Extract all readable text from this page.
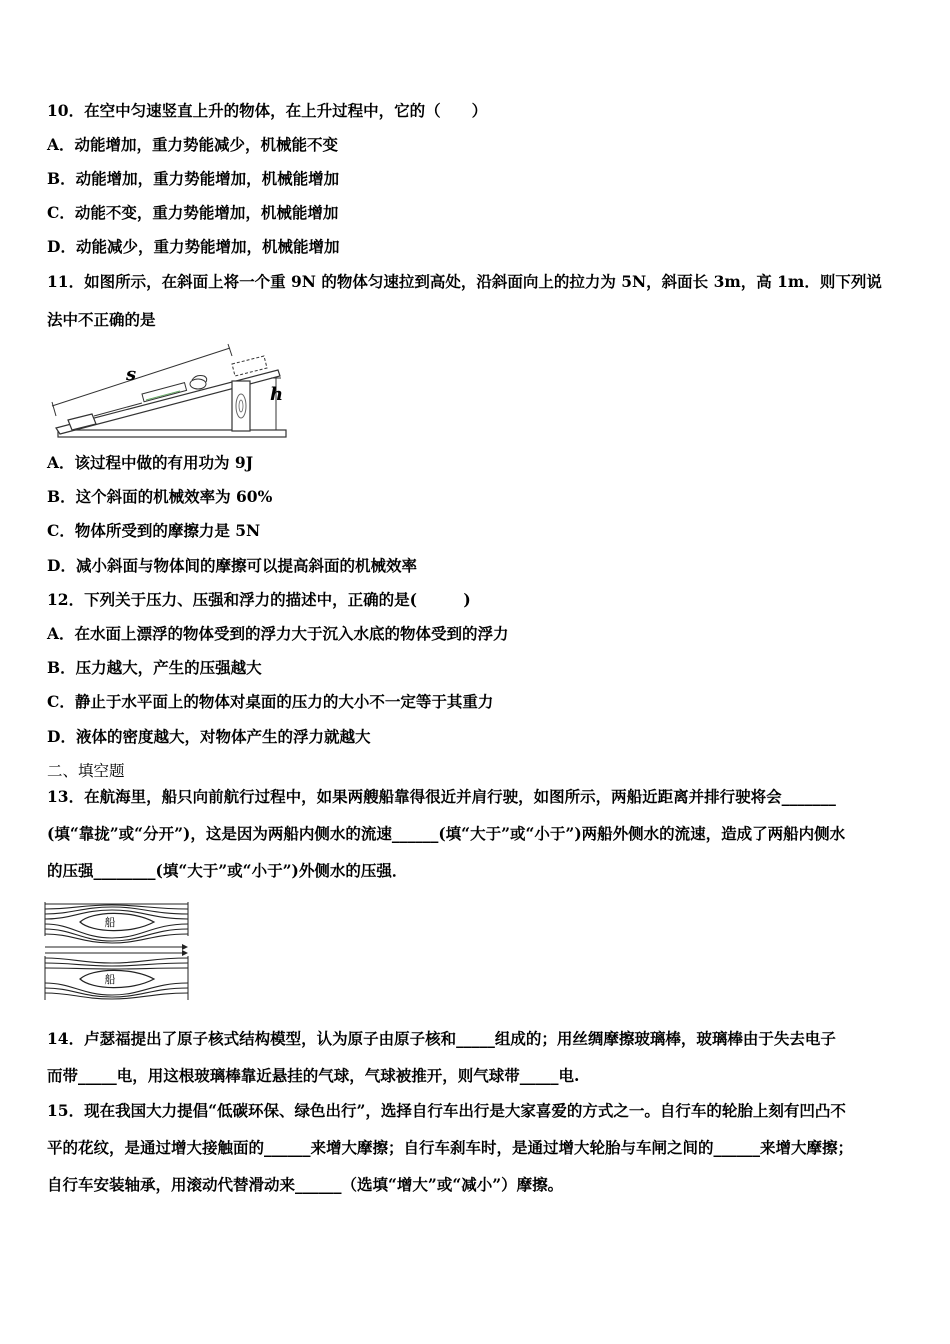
10．在空中匀速竖直上升的物体，在上升过程中，它的（　　）
A．动能增加，重力势能减少，机械能不变
B．动能增加，重力势能增加，机械能增加
C．动能不变，重力势能增加，机械能增加
D．动能减少，重力势能增加，机械能增加
11．如图所示，在斜面上将一个重 9N 的物体匀速拉到高处，沿斜面向上的拉力为 5N，斜面长 3m，高 1m．则下列说
法中不正确的是
s
h
A．该过程中做的有用功为 9J
B．这个斜面的机械效率为 60%
C．物体所受到的摩擦力是 5N
D．减小斜面与物体间的摩擦可以提高斜面的机械效率
12．下列关于压力、压强和浮力的描述中，正确的是(　　　)
A．在水面上漂浮的物体受到的浮力大于沉入水底的物体受到的浮力
B．压力越大，产生的压强越大
C．静止于水平面上的物体对桌面的压力的大小不一定等于其重力
D．液体的密度越大，对物体产生的浮力就越大
二、填空题
13．在航海里，船只向前航行过程中，如果两艘船靠得很近并肩行驶，如图所示，两船近距离并排行驶将会_______
(填“靠拢”或“分开”)，这是因为两船内侧水的流速______(填“大于”或“小于”)两船外侧水的流速，造成了两船内侧水
的压强________(填“大于”或“小于”)外侧水的压强．
船
船
14．卢瑟福提出了原子核式结构模型，认为原子由原子核和_____组成的；用丝绸摩擦玻璃棒，玻璃棒由于失去电子
而带_____电，用这根玻璃棒靠近悬挂的气球，气球被推开，则气球带_____电.
15．现在我国大力提倡“低碳环保、绿色出行”，选择自行车出行是大家喜爱的方式之一。自行车的轮胎上刻有凹凸不
平的花纹，是通过增大接触面的______来增大摩擦；自行车刹车时，是通过增大轮胎与车闸之间的______来增大摩擦；
自行车安装轴承，用滚动代替滑动来______（选填“增大”或“减小”）摩擦。
